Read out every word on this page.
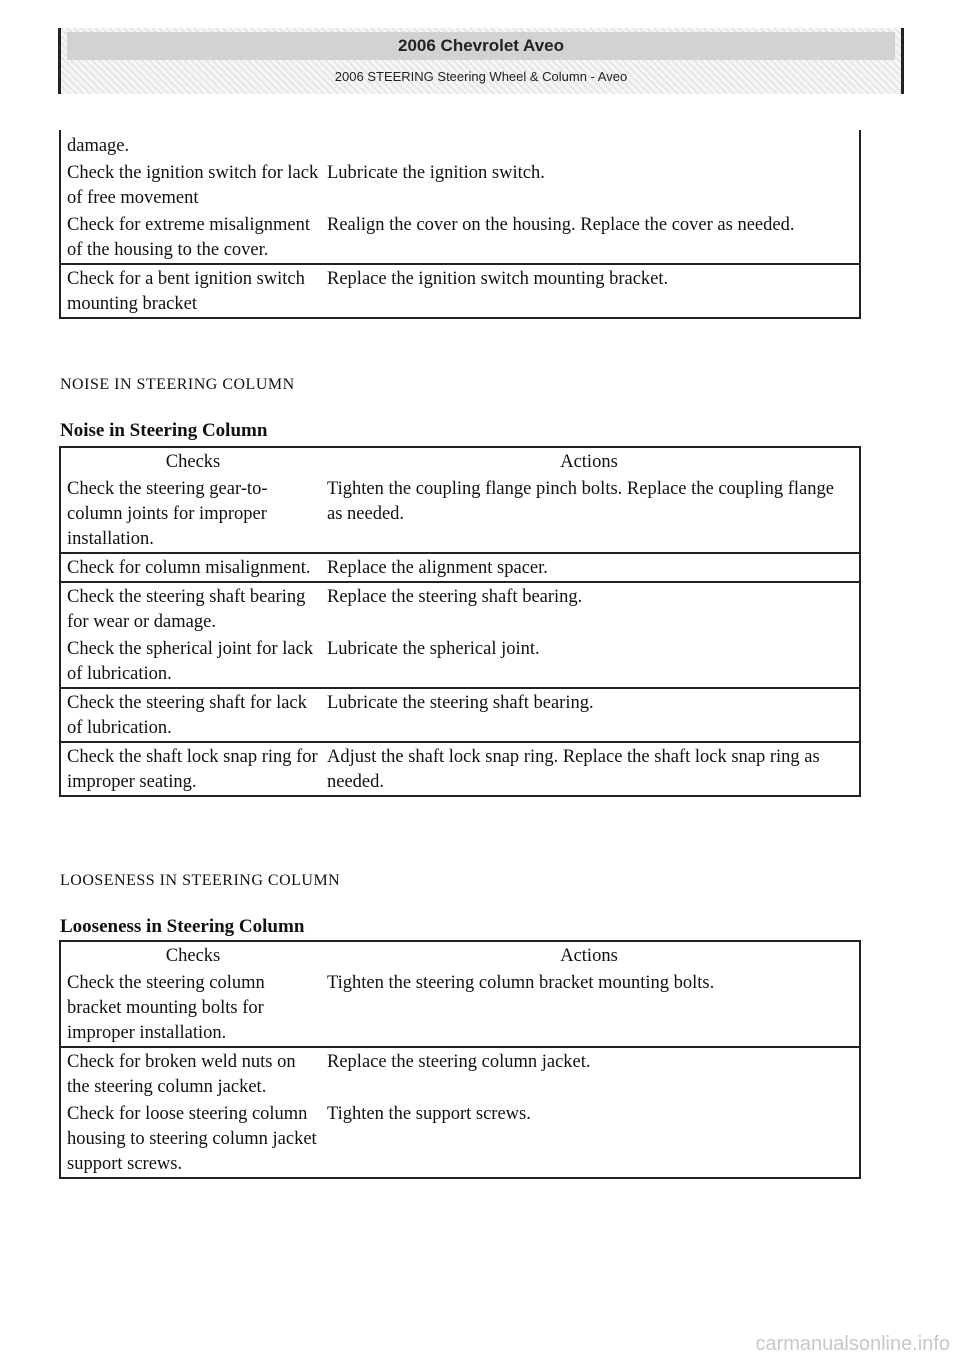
2006 Chevrolet Aveo
2006 STEERING Steering Wheel & Column - Aveo
damage.
Check the ignition switch for lack of free movement
Lubricate the ignition switch.
Check for extreme misalignment of the housing to the cover.
Realign the cover on the housing. Replace the cover as needed.
Check for a bent ignition switch mounting bracket
Replace the ignition switch mounting bracket.
NOISE IN STEERING COLUMN
Noise in Steering Column
Checks	Actions
Check the steering gear-to-column joints for improper installation.
Tighten the coupling flange pinch bolts. Replace the coupling flange as needed.
Check for column misalignment. Replace the alignment spacer.
Check the steering shaft bearing for wear or damage.
Replace the steering shaft bearing.
Check the spherical joint for lack of lubrication.
Lubricate the spherical joint.
Check the steering shaft for lack of lubrication.
Lubricate the steering shaft bearing.
Check the shaft lock snap ring for improper seating.
Adjust the shaft lock snap ring. Replace the shaft lock snap ring as needed.
LOOSENESS IN STEERING COLUMN
Looseness in Steering Column
Checks	Actions
Check the steering column bracket mounting bolts for improper installation.
Tighten the steering column bracket mounting bolts.
Check for broken weld nuts on the steering column jacket.
Replace the steering column jacket.
Check for loose steering column housing to steering column jacket support screws.
Tighten the support screws.
carmanualsonline.info
